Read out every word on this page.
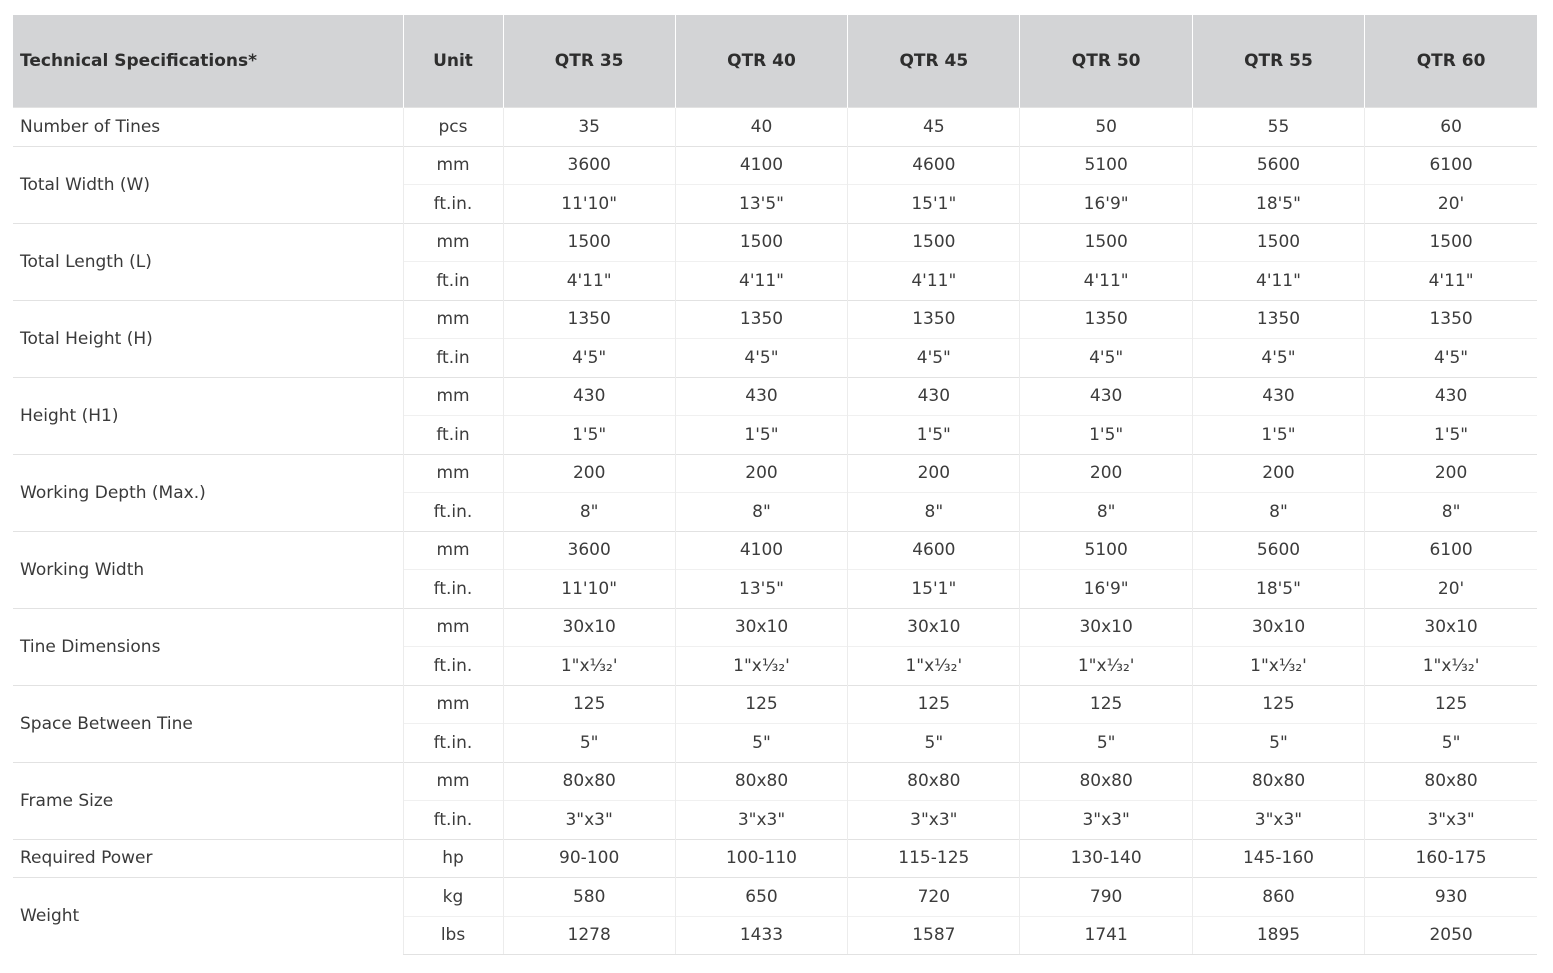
Technical Specifications*	Unit	QTR 35	QTR 40	QTR 45	QTR 50	QTR 55	QTR 60
Number of Tines	pcs	35	40	45	50	55	60
Total Width (W)	mm	3600	4100	4600	5100	5600	6100
	ft.in.	11'10"	13'5"	15'1"	16'9"	18'5"	20'
Total Length (L)	mm	1500	1500	1500	1500	1500	1500
	ft.in	4'11"	4'11"	4'11"	4'11"	4'11"	4'11"
Total Height (H)	mm	1350	1350	1350	1350	1350	1350
	ft.in	4'5"	4'5"	4'5"	4'5"	4'5"	4'5"
Height (H1)	mm	430	430	430	430	430	430
	ft.in	1'5"	1'5"	1'5"	1'5"	1'5"	1'5"
Working Depth (Max.)	mm	200	200	200	200	200	200
	ft.in.	8"	8"	8"	8"	8"	8"
Working Width	mm	3600	4100	4600	5100	5600	6100
	ft.in.	11'10"	13'5"	15'1"	16'9"	18'5"	20'
Tine Dimensions	mm	30x10	30x10	30x10	30x10	30x10	30x10
	ft.in.	1"x⅓₂'	1"x⅓₂'	1"x⅓₂'	1"x⅓₂'	1"x⅓₂'	1"x⅓₂'
Space Between Tine	mm	125	125	125	125	125	125
	ft.in.	5"	5"	5"	5"	5"	5"
Frame Size	mm	80x80	80x80	80x80	80x80	80x80	80x80
	ft.in.	3"x3"	3"x3"	3"x3"	3"x3"	3"x3"	3"x3"
Required Power	hp	90-100	100-110	115-125	130-140	145-160	160-175
Weight	kg	580	650	720	790	860	930
	lbs	1278	1433	1587	1741	1895	2050
